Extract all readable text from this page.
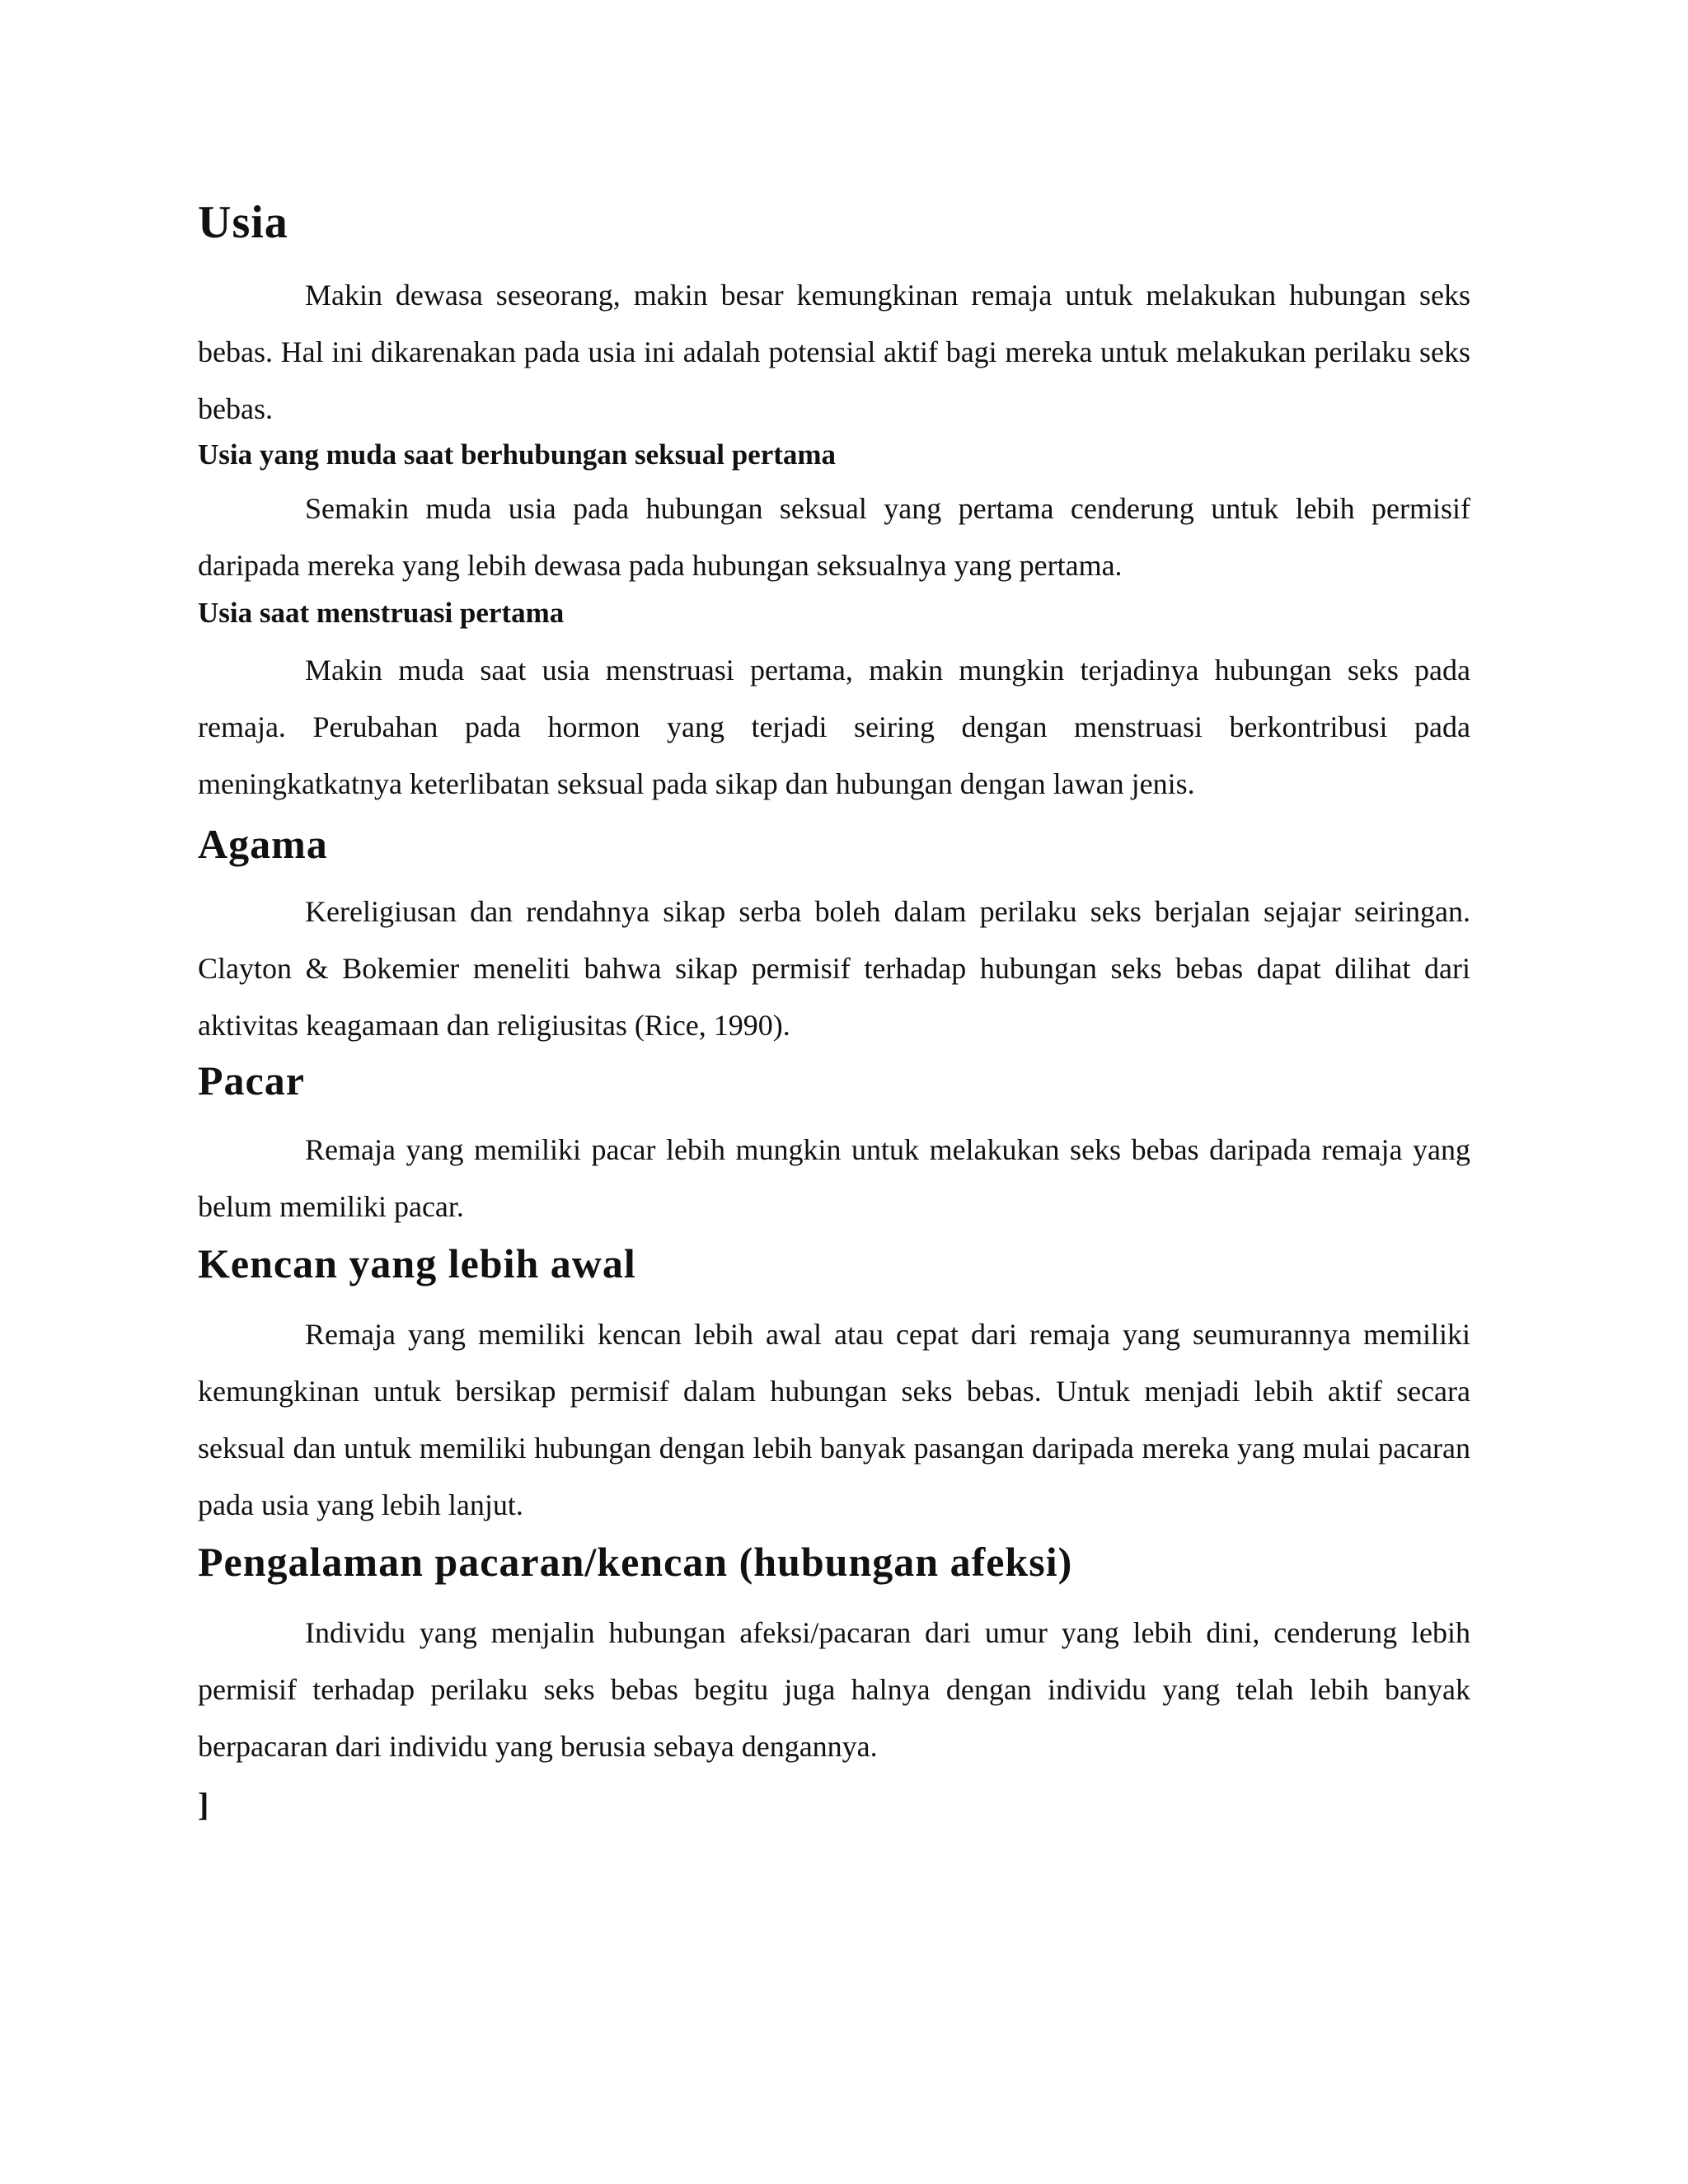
Usia

Makin dewasa seseorang, makin besar kemungkinan remaja untuk melakukan hubungan seks bebas. Hal ini dikarenakan pada usia ini adalah potensial aktif bagi mereka untuk melakukan perilaku seks bebas.

Usia yang muda saat berhubungan seksual pertama

Semakin muda usia pada hubungan seksual yang pertama cenderung untuk lebih permisif daripada mereka yang lebih dewasa pada hubungan seksualnya yang pertama.

Usia saat menstruasi pertama

Makin muda saat usia menstruasi pertama, makin mungkin terjadinya hubungan seks pada remaja. Perubahan pada hormon yang terjadi seiring dengan menstruasi berkontribusi pada meningkatkatnya keterlibatan seksual pada sikap dan hubungan dengan lawan jenis.

Agama

Kereligiusan dan rendahnya sikap serba boleh dalam perilaku seks berjalan sejajar seiringan. Clayton & Bokemier meneliti bahwa sikap permisif terhadap hubungan seks bebas dapat dilihat dari aktivitas keagamaan dan religiusitas (Rice, 1990).

Pacar

Remaja yang memiliki pacar lebih mungkin untuk melakukan seks bebas daripada remaja yang belum memiliki pacar.

Kencan yang lebih awal

Remaja yang memiliki kencan lebih awal atau cepat dari remaja yang seumurannya memiliki kemungkinan untuk bersikap permisif dalam hubungan seks bebas. Untuk menjadi lebih aktif secara seksual dan untuk memiliki hubungan dengan lebih banyak pasangan daripada mereka yang mulai pacaran pada usia yang lebih lanjut.

Pengalaman pacaran/kencan (hubungan afeksi)

Individu yang menjalin hubungan afeksi/pacaran dari umur yang lebih dini, cenderung lebih permisif terhadap perilaku seks bebas begitu juga halnya dengan individu yang telah lebih banyak berpacaran dari individu yang berusia sebaya dengannya.

]
